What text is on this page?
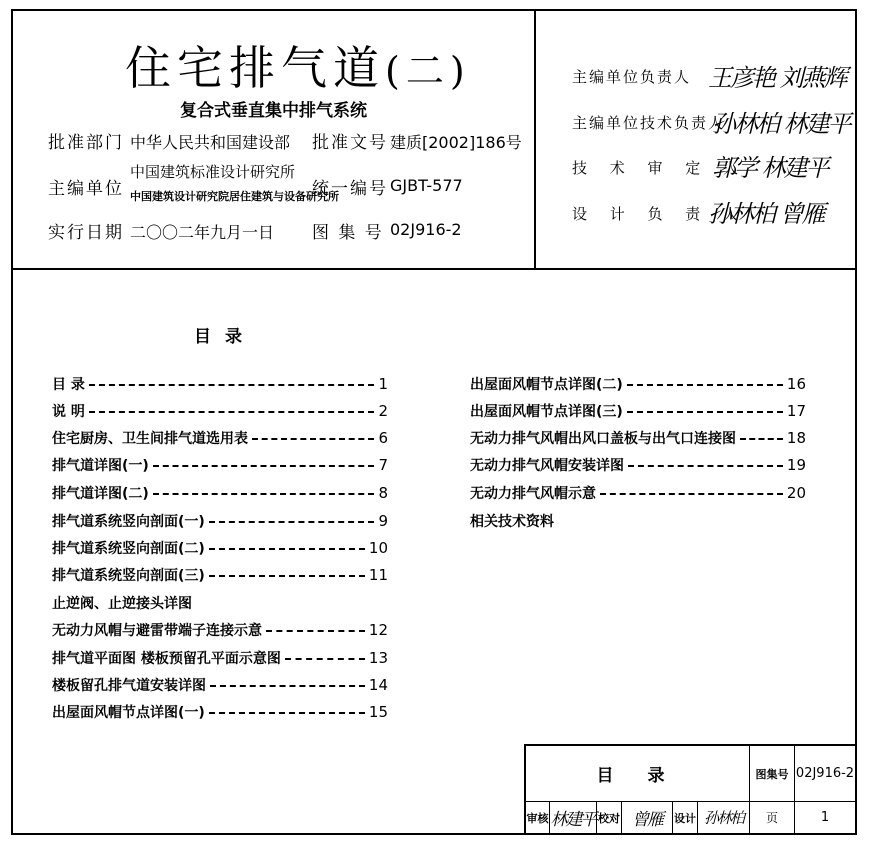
住宅排气道(二)
复合式垂直集中排气系统
批准部门 中华人民共和国建设部 批准文号 建质[2002]186号
主编单位
中国建筑标准设计研究所
中国建筑设计研究院居住建筑与设备研究所
统一编号 GJBT-577
实行日期 二〇〇二年九月一日 图 集 号 02J916-2
主编单位负责人 王彦艳 刘燕辉
主编单位技术负责人
孙林柏 林建平
技 术 审 定 人
郭学 林建平
设 计 负 责 人
孙林柏 曾雁
目录
目 录	1
说 明	2
住宅厨房、卫生间排气道选用表	6
排气道详图(一)	7
排气道详图(二)	8
排气道系统竖向剖面(一)	9
排气道系统竖向剖面(二)	10
排气道系统竖向剖面(三)	11
止逆阀、止逆接头详图
无动力风帽与避雷带端子连接示意	12
排气道平面图 楼板预留孔平面示意图	13
楼板留孔排气道安装详图	14
出屋面风帽节点详图(一)	15
出屋面风帽节点详图(二)	16
出屋面风帽节点详图(三)	17
无动力排气风帽出风口盖板与出气口连接图	18
无动力排气风帽安装详图	19
无动力排气风帽示意	20
相关技术资料
目 录	图集号 02J916-2
审核 林建平 校对 曾雁 设计 孙林柏 页	1
